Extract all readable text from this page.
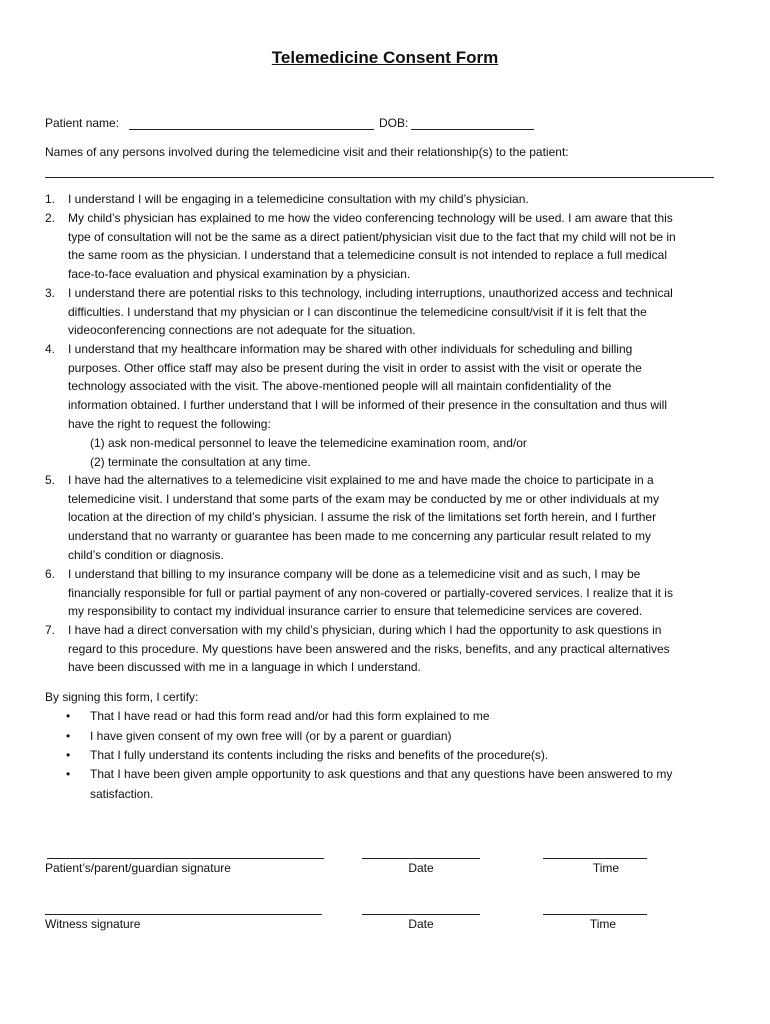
Telemedicine Consent Form
Patient name:	DOB:
Names of any persons involved during the telemedicine visit and their relationship(s) to the patient:
1. I understand I will be engaging in a telemedicine consultation with my child’s physician.
2. My child’s physician has explained to me how the video conferencing technology will be used. I am aware that this
type of consultation will not be the same as a direct patient/physician visit due to the fact that my child will not be in
the same room as the physician. I understand that a telemedicine consult is not intended to replace a full medical
face-to-face evaluation and physical examination by a physician.
3. I understand there are potential risks to this technology, including interruptions, unauthorized access and technical
difficulties. I understand that my physician or I can discontinue the telemedicine consult/visit if it is felt that the
videoconferencing connections are not adequate for the situation.
4. I understand that my healthcare information may be shared with other individuals for scheduling and billing
purposes. Other office staff may also be present during the visit in order to assist with the visit or operate the
technology associated with the visit. The above-mentioned people will all maintain confidentiality of the
information obtained. I further understand that I will be informed of their presence in the consultation and thus will
have the right to request the following:
5. I have had the alternatives to a telemedicine visit explained to me and have made the choice to participate in a
telemedicine visit. I understand that some parts of the exam may be conducted by me or other individuals at my
location at the direction of my child’s physician. I assume the risk of the limitations set forth herein, and I further
understand that no warranty or guarantee has been made to me concerning any particular result related to my
child’s condition or diagnosis.
6. I understand that billing to my insurance company will be done as a telemedicine visit and as such, I may be
financially responsible for full or partial payment of any non-covered or partially-covered services. I realize that it is
my responsibility to contact my individual insurance carrier to ensure that telemedicine services are covered.
7. I have had a direct conversation with my child’s physician, during which I had the opportunity to ask questions in
regard to this procedure. My questions have been answered and the risks, benefits, and any practical alternatives
have been discussed with me in a language in which I understand.
(1) ask non-medical personnel to leave the telemedicine examination room, and/or
(2) terminate the consultation at any time.
By signing this form, I certify:
• That I have read or had this form read and/or had this form explained to me
• I have given consent of my own free will (or by a parent or guardian)
• That I fully understand its contents including the risks and benefits of the procedure(s).
• That I have been given ample opportunity to ask questions and that any questions have been answered to my
satisfaction.
Patient’s/parent/guardian signature	Date	Time
Witness signature	Date	Time
